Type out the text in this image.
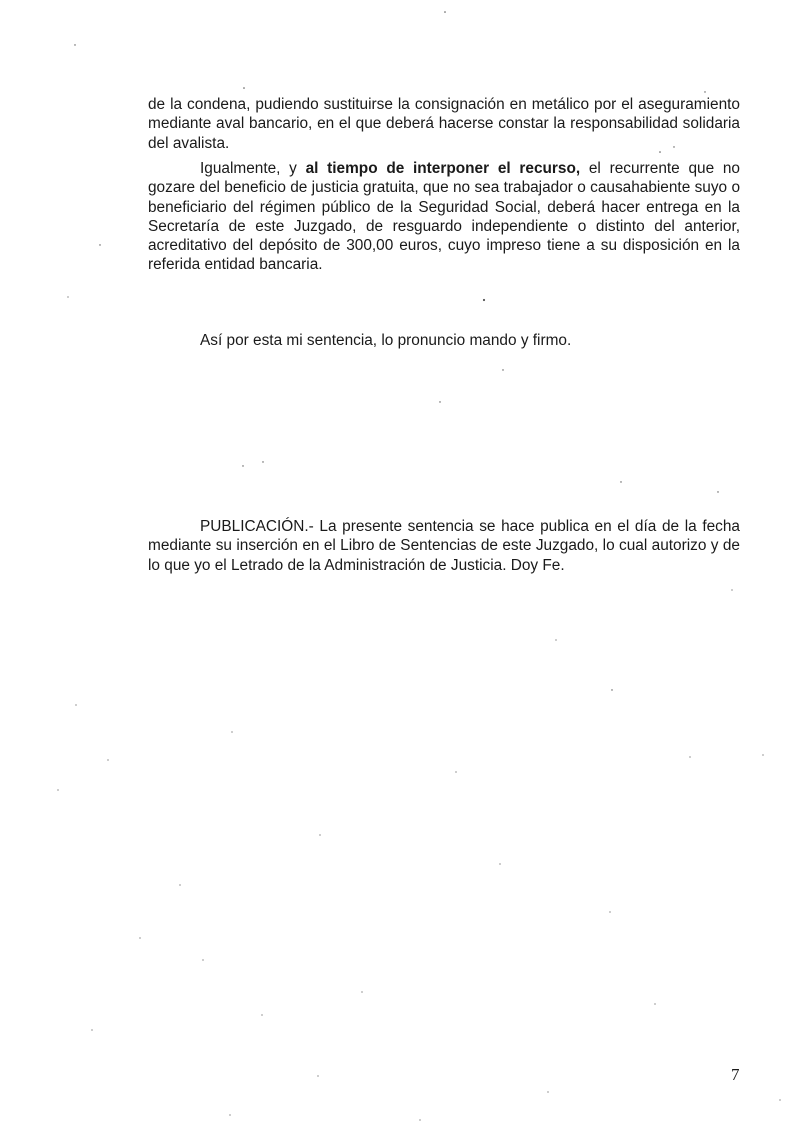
de la condena, pudiendo sustituirse la consignación en metálico por el aseguramiento mediante aval bancario, en el que deberá hacerse constar la responsabilidad solidaria del avalista.

Igualmente, y al tiempo de interponer el recurso, el recurrente que no gozare del beneficio de justicia gratuita, que no sea trabajador o causahabiente suyo o beneficiario del régimen público de la Seguridad Social, deberá hacer entrega en la Secretaría de este Juzgado, de resguardo independiente o distinto del anterior, acreditativo del depósito de 300,00 euros, cuyo impreso tiene a su disposición en la referida entidad bancaria.

Así por esta mi sentencia, lo pronuncio mando y firmo.

PUBLICACIÓN.- La presente sentencia se hace publica en el día de la fecha mediante su inserción en el Libro de Sentencias de este Juzgado, lo cual autorizo y de lo que yo el Letrado de la Administración de Justicia. Doy Fe.

7
